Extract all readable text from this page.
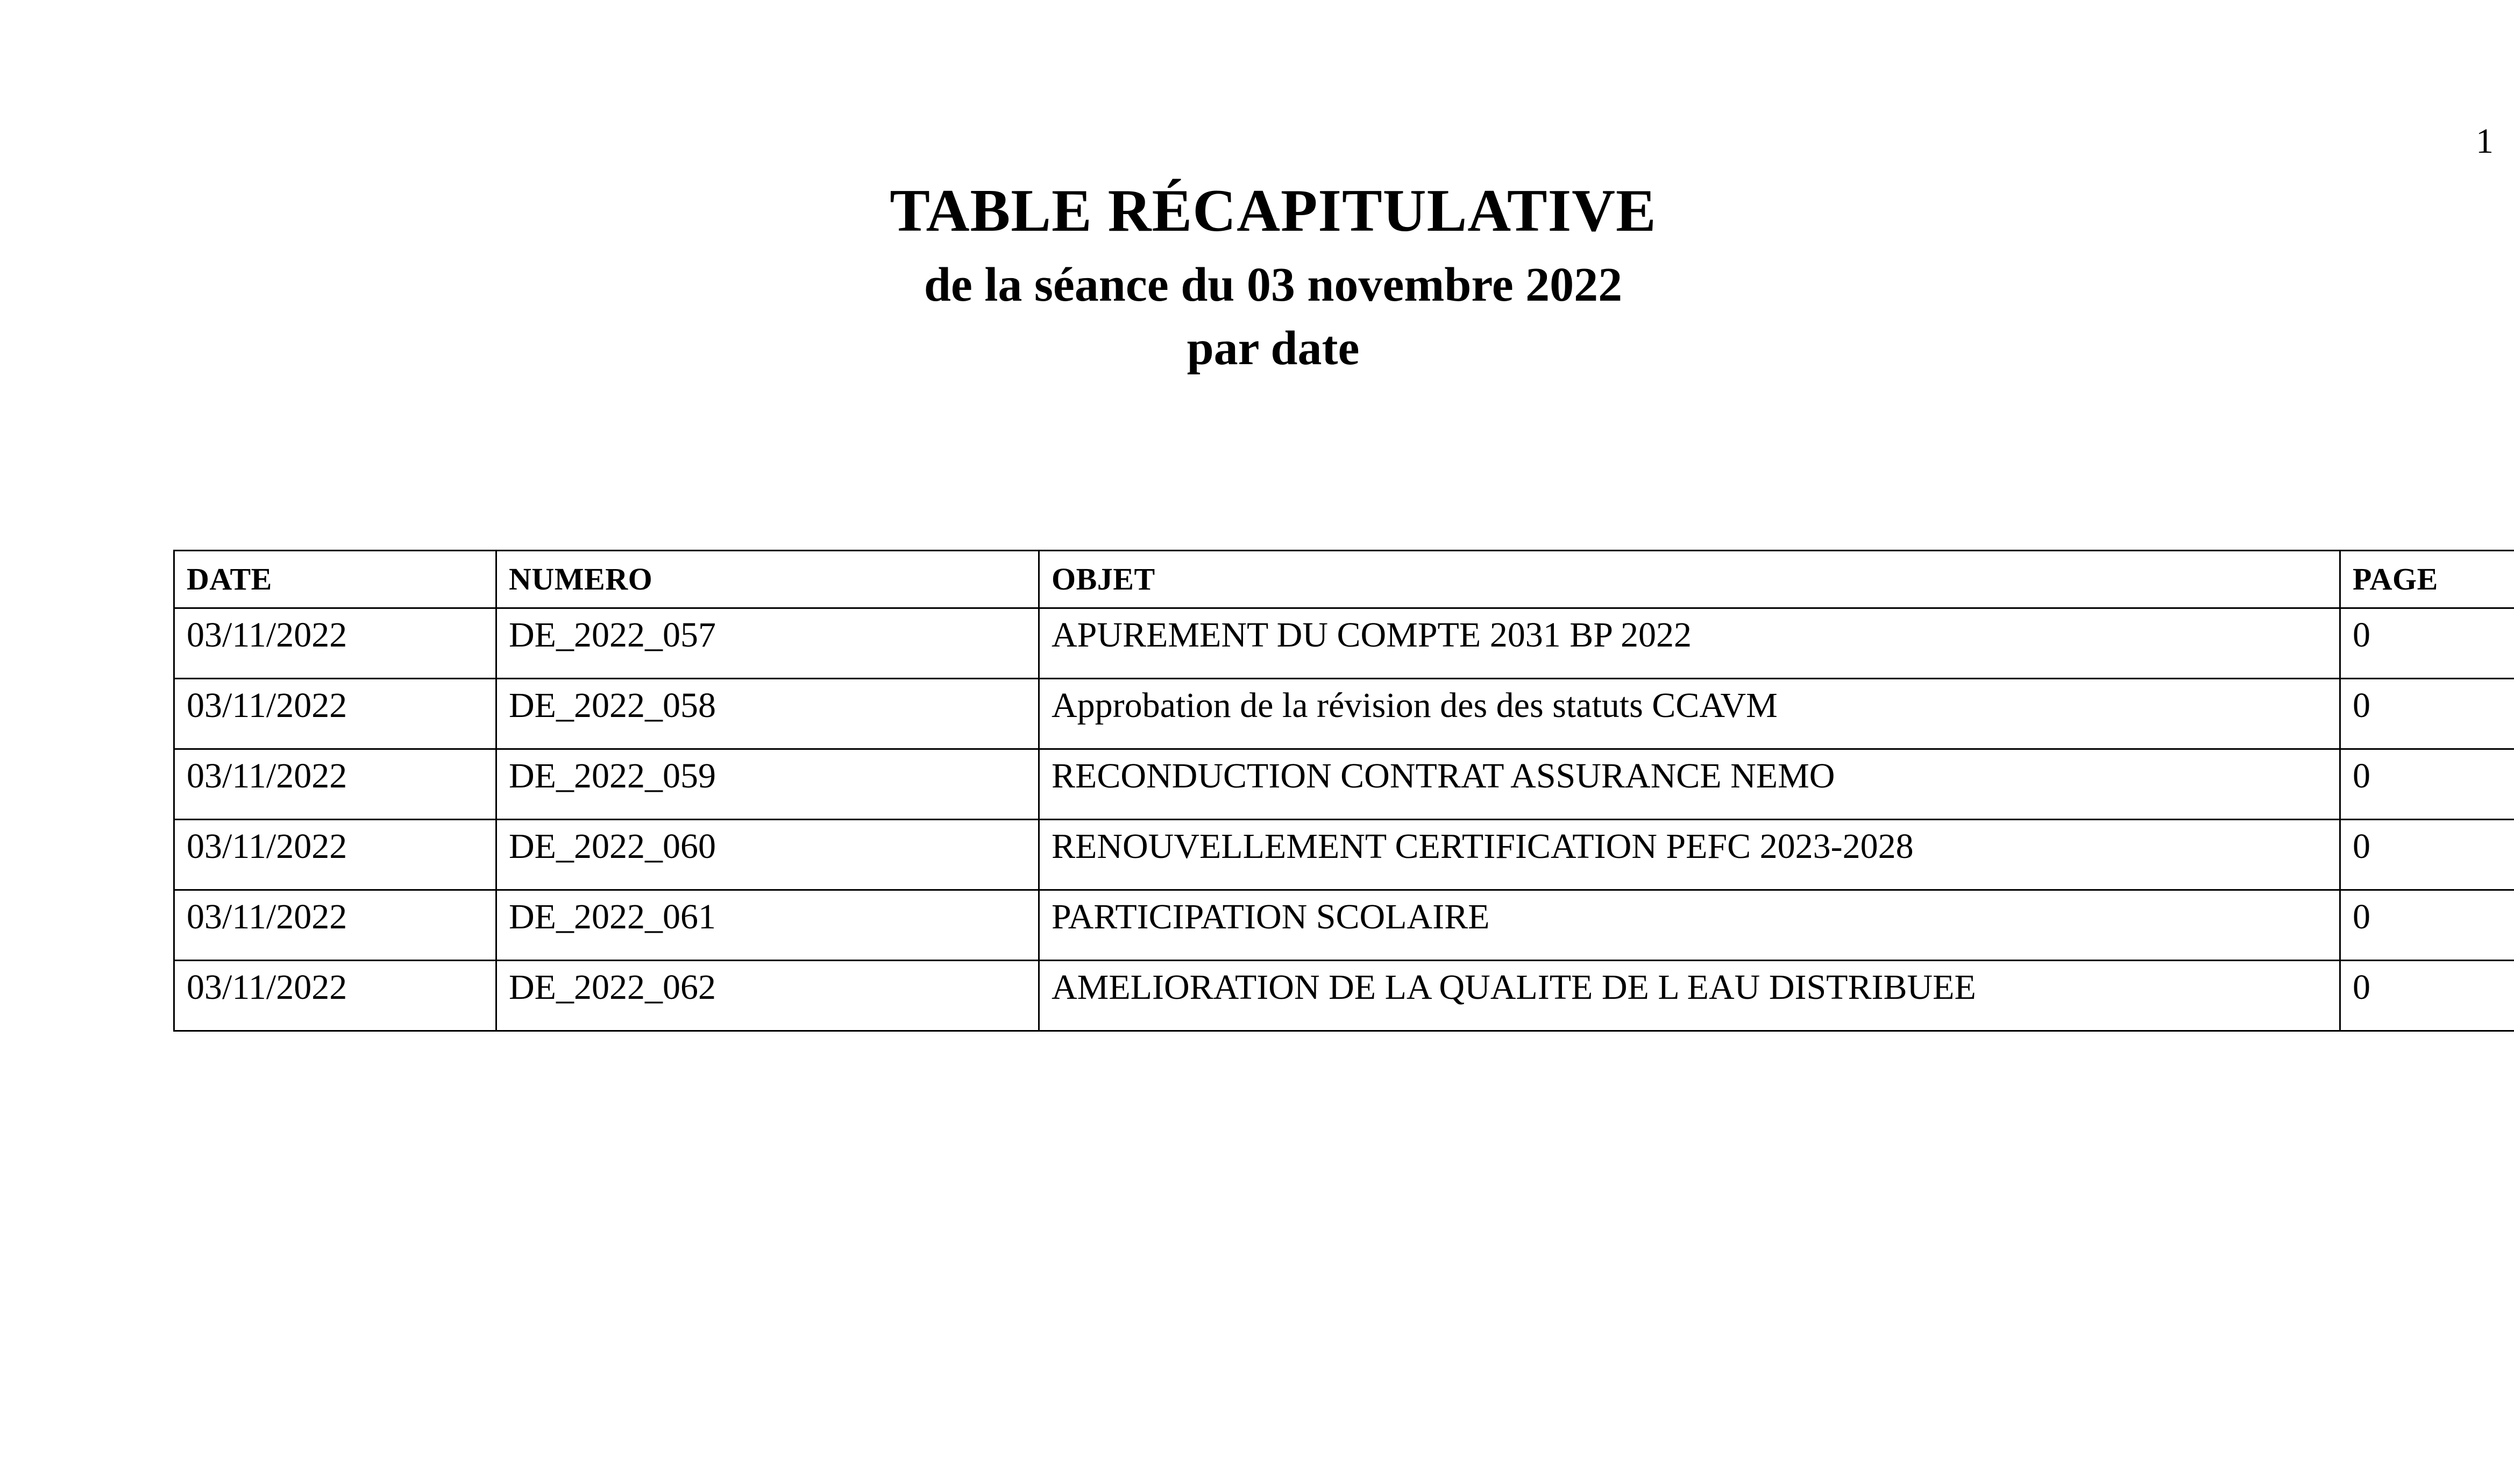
1
TABLE RÉCAPITULATIVE
de la séance du 03 novembre 2022
par date
DATE	NUMERO	OBJET	PAGE
03/11/2022	DE_2022_057	APUREMENT DU COMPTE 2031 BP 2022	0
03/11/2022	DE_2022_058	Approbation de la révision des des statuts CCAVM	0
03/11/2022	DE_2022_059	RECONDUCTION CONTRAT ASSURANCE NEMO	0
03/11/2022	DE_2022_060	RENOUVELLEMENT CERTIFICATION PEFC 2023-2028	0
03/11/2022	DE_2022_061	PARTICIPATION SCOLAIRE	0
03/11/2022	DE_2022_062	AMELIORATION DE LA QUALITE DE L EAU DISTRIBUEE	0
